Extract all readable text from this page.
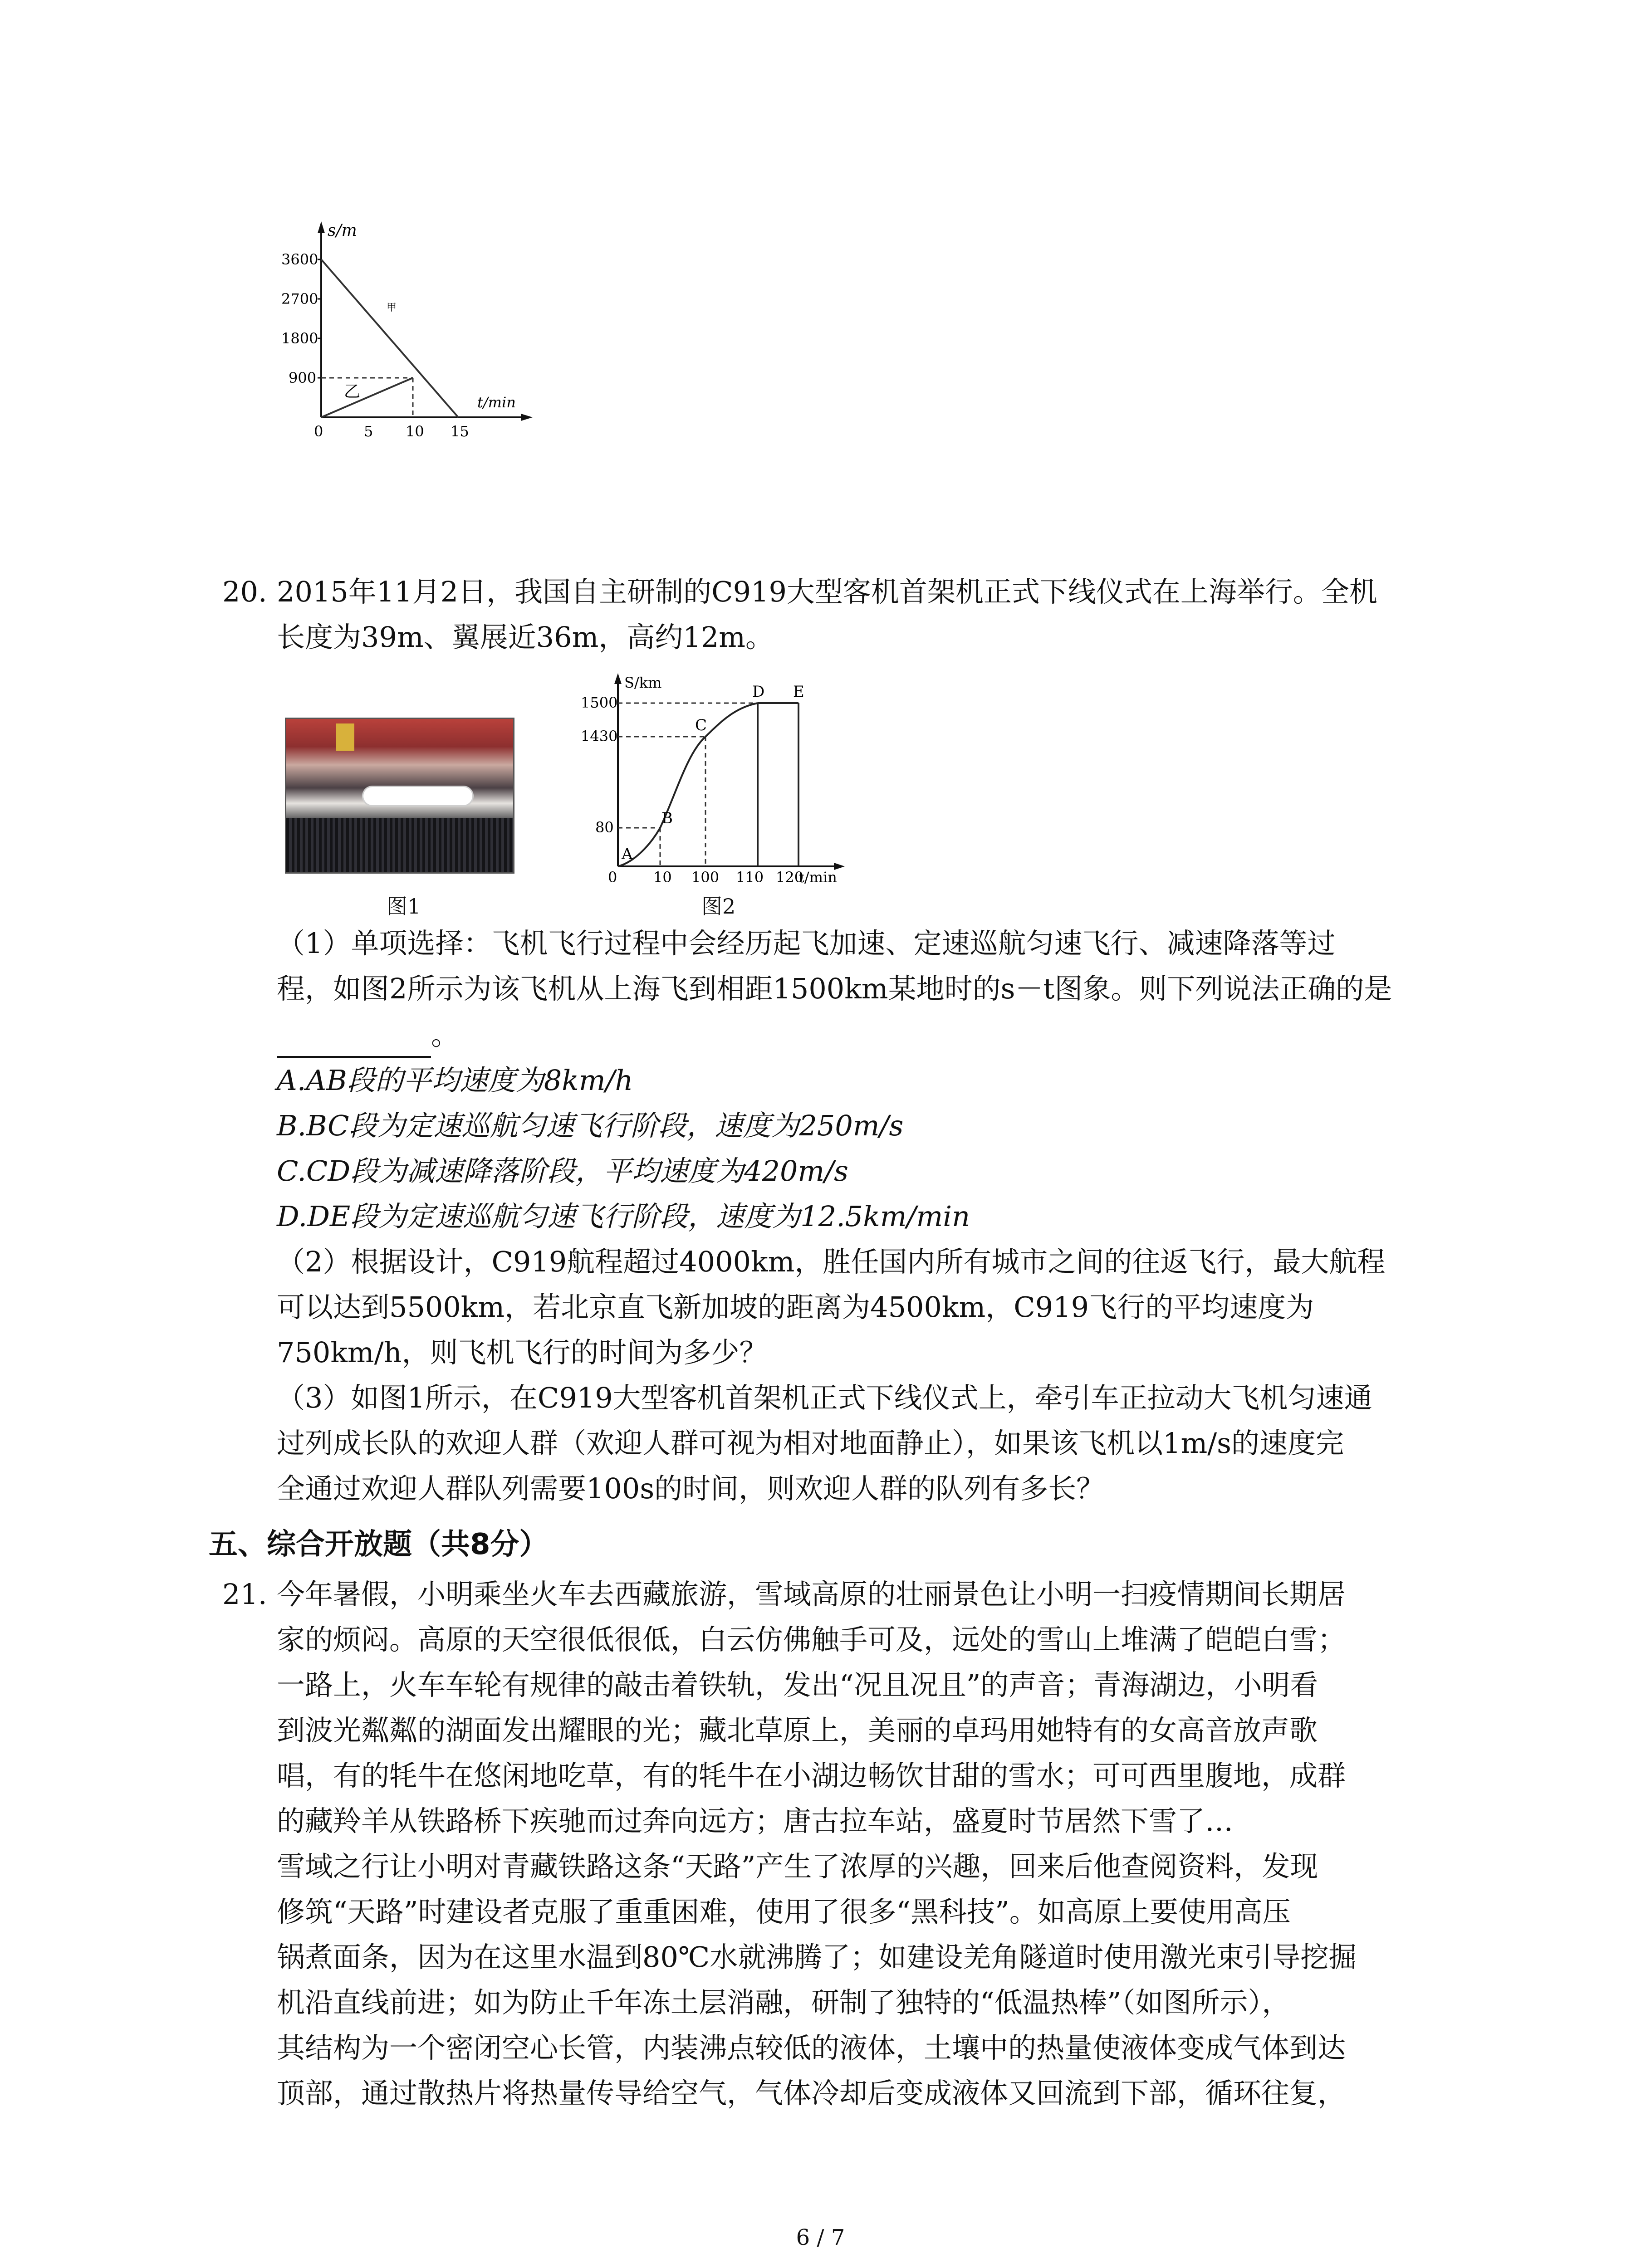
s/m
3600
2700
1800
900
0	5 10 15
甲
乙
t/min
20. 2015年11月2日，我国自主研制的C919大型客机首架机正式下线仪式在上海举行。全机
长度为39m、翼展近36m，高约12m。
图1
S/km
1500
1430
80
0 10 100 110 120
t/min
A
B
C
D E
图2
（1）单项选择：飞机飞行过程中会经历起飞加速、定速巡航匀速飞行、减速降落等过
程，如图2所示为该飞机从上海飞到相距1500km某地时的s－t图象。则下列说法正确的是
。
A.AB段的平均速度为8km/h
B.BC段为定速巡航匀速飞行阶段，速度为250m/s
C.CD段为减速降落阶段，平均速度为420m/s
D.DE段为定速巡航匀速飞行阶段，速度为12.5km/min
（2）根据设计，C919航程超过4000km，胜任国内所有城市之间的往返飞行，最大航程
可以达到5500km，若北京直飞新加坡的距离为4500km，C919飞行的平均速度为
750km/h，则飞机飞行的时间为多少？
（3）如图1所示，在C919大型客机首架机正式下线仪式上，牵引车正拉动大飞机匀速通
过列成长队的欢迎人群（欢迎人群可视为相对地面静止），如果该飞机以1m/s的速度完
全通过欢迎人群队列需要100s的时间，则欢迎人群的队列有多长？
五、综合开放题（共8分）
21. 今年暑假，小明乘坐火车去西藏旅游，雪域高原的壮丽景色让小明一扫疫情期间长期居
家的烦闷。高原的天空很低很低，白云仿佛触手可及，远处的雪山上堆满了皑皑白雪；
一路上，火车车轮有规律的敲击着铁轨，发出“况且况且”的声音；青海湖边，小明看
到波光粼粼的湖面发出耀眼的光；藏北草原上，美丽的卓玛用她特有的女高音放声歌
唱，有的牦牛在悠闲地吃草，有的牦牛在小湖边畅饮甘甜的雪水；可可西里腹地，成群
的藏羚羊从铁路桥下疾驰而过奔向远方；唐古拉车站，盛夏时节居然下雪了…
雪域之行让小明对青藏铁路这条“天路”产生了浓厚的兴趣，回来后他查阅资料，发现
修筑“天路”时建设者克服了重重困难，使用了很多“黑科技”。如高原上要使用高压
锅煮面条，因为在这里水温到80℃水就沸腾了；如建设羌角隧道时使用激光束引导挖掘
机沿直线前进；如为防止千年冻土层消融，研制了独特的“低温热棒”（如图所示），
其结构为一个密闭空心长管，内装沸点较低的液体，土壤中的热量使液体变成气体到达
顶部，通过散热片将热量传导给空气，气体冷却后变成液体又回流到下部，循环往复，
6 / 7
